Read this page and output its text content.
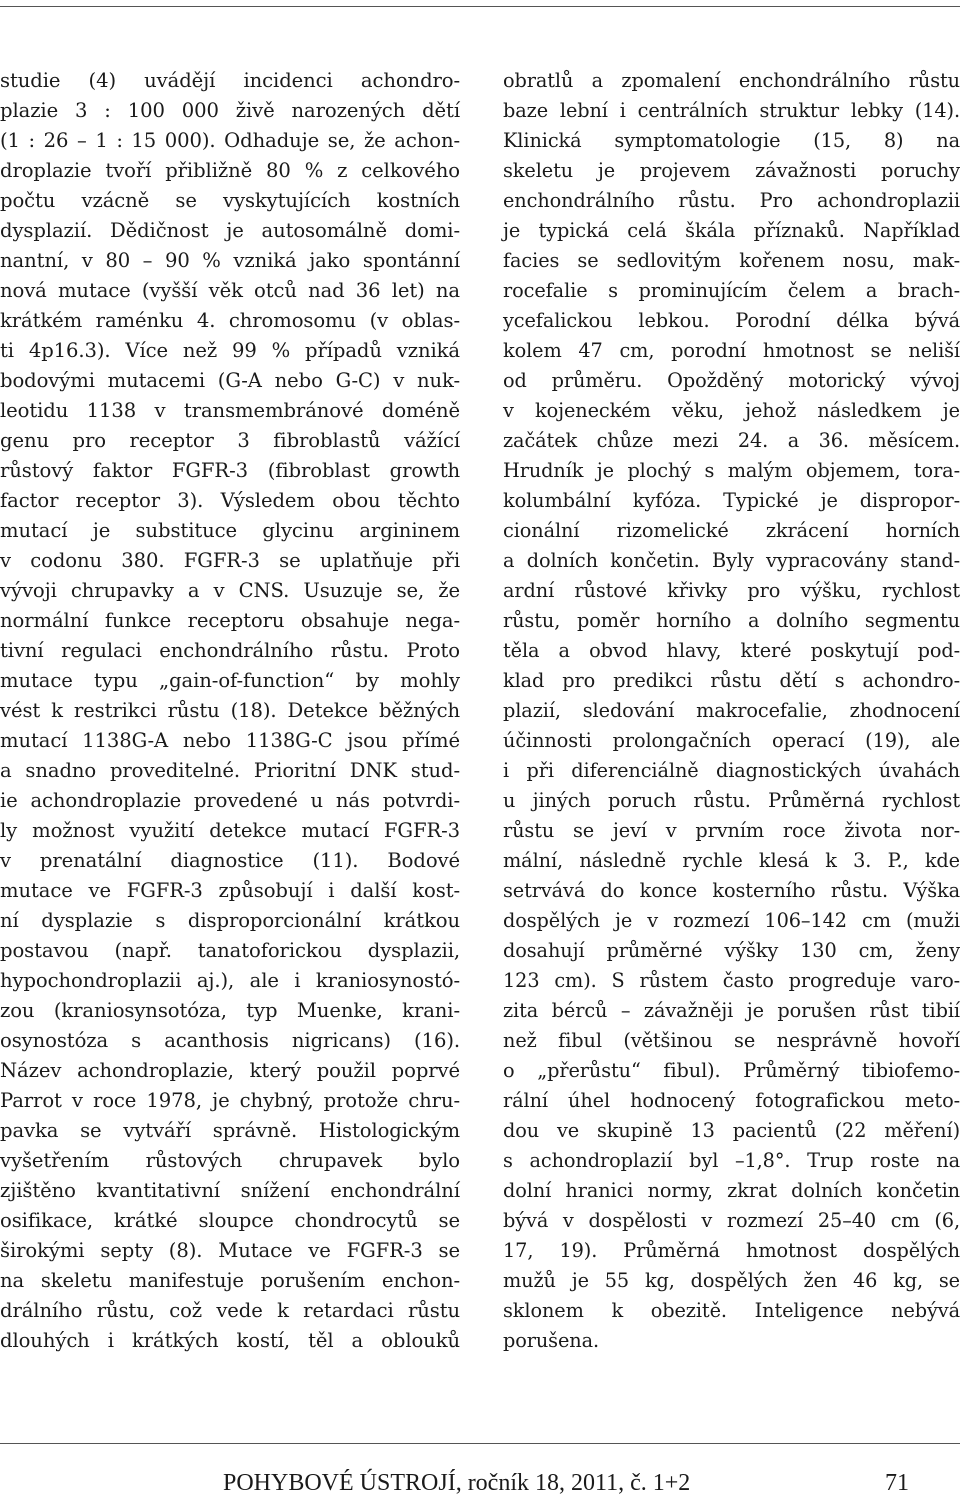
studie (4) uvádějí incidenci achondro-
plazie 3 : 100 000 živě narozených dětí
(1 : 26 – 1 : 15 000). Odhaduje se, že achon-
droplazie tvoří přibližně 80 % z celkového
počtu vzácně se vyskytujících kostních
dysplazií. Dědičnost je autosomálně domi-
nantní, v 80 – 90 % vzniká jako spontánní
nová mutace (vyšší věk otců nad 36 let) na
krátkém raménku 4. chromosomu (v oblas-
ti 4p16.3). Více než 99 % případů vzniká
bodovými mutacemi (G-A nebo G-C) v nuk-
leotidu 1138 v transmembránové doméně
genu pro receptor 3 fibroblastů vážící
růstový faktor FGFR-3 (fibroblast growth
factor receptor 3). Výsledem obou těchto
mutací je substituce glycinu argininem
v codonu 380. FGFR-3 se uplatňuje při
vývoji chrupavky a v CNS. Usuzuje se, že
normální funkce receptoru obsahuje nega-
tivní regulaci enchondrálního růstu. Proto
mutace typu „gain-of-function“ by mohly
vést k restrikci růstu (18). Detekce běžných
mutací 1138G-A nebo 1138G-C jsou přímé
a snadno proveditelné. Prioritní DNK stud-
ie achondroplazie provedené u nás potvrdi-
ly možnost využití detekce mutací FGFR-3
v prenatální diagnostice (11). Bodové
mutace ve FGFR-3 způsobují i další kost-
ní dysplazie s disproporcionální krátkou
postavou (např. tanatoforickou dysplazii,
hypochondroplazii aj.), ale i kraniosynostó-
zou (kraniosynsotóza, typ Muenke, krani-
osynostóza s acanthosis nigricans) (16).
Název achondroplazie, který použil poprvé
Parrot v roce 1978, je chybný, protože chru-
pavka se vytváří správně. Histologickým
vyšetřením růstových chrupavek bylo
zjištěno kvantitativní snížení enchondrální
osifikace, krátké sloupce chondrocytů se
širokými septy (8). Mutace ve FGFR-3 se
na skeletu manifestuje porušením enchon-
drálního růstu, což vede k retardaci růstu
dlouhých i krátkých kostí, těl a oblouků
obratlů a zpomalení enchondrálního růstu
baze lební i centrálních struktur lebky (14).
Klinická symptomatologie (15, 8) na
skeletu je projevem závažnosti poruchy
enchondrálního růstu. Pro achondroplazii
je typická celá škála příznaků. Například
facies se sedlovitým kořenem nosu, mak-
rocefalie s prominujícím čelem a brach-
ycefalickou lebkou. Porodní délka bývá
kolem 47 cm, porodní hmotnost se neliší
od průměru. Opožděný motorický vývoj
v kojeneckém věku, jehož následkem je
začátek chůze mezi 24. a 36. měsícem.
Hrudník je plochý s malým objemem, tora-
kolumbální kyfóza. Typické je dispropor-
cionální rizomelické zkrácení horních
a dolních končetin. Byly vypracovány stand-
ardní růstové křivky pro výšku, rychlost
růstu, poměr horního a dolního segmentu
těla a obvod hlavy, které poskytují pod-
klad pro predikci růstu dětí s achondro-
plazií, sledování makrocefalie, zhodnocení
účinnosti prolongačních operací (19), ale
i při diferenciálně diagnostických úvahách
u jiných poruch růstu. Průměrná rychlost
růstu se jeví v prvním roce života nor-
mální, následně rychle klesá k 3. P., kde
setrvává do konce kosterního růstu. Výška
dospělých je v rozmezí 106–142 cm (muži
dosahují průměrné výšky 130 cm, ženy
123 cm). S růstem často progreduje varo-
zita bérců – závažněji je porušen růst tibií
než fibul (většinou se nesprávně hovoří
o „přerůstu“ fibul). Průměrný tibiofemo-
rální úhel hodnocený fotografickou meto-
dou ve skupině 13 pacientů (22 měření)
s achondroplazií byl –1,8°. Trup roste na
dolní hranici normy, zkrat dolních končetin
bývá v dospělosti v rozmezí 25–40 cm (6,
17, 19). Průměrná hmotnost dospělých
mužů je 55 kg, dospělých žen 46 kg, se
sklonem k obezitě. Inteligence nebývá
porušena.
POHYBOVÉ ÚSTROJÍ, ročník 18, 2011, č. 1+2	71
